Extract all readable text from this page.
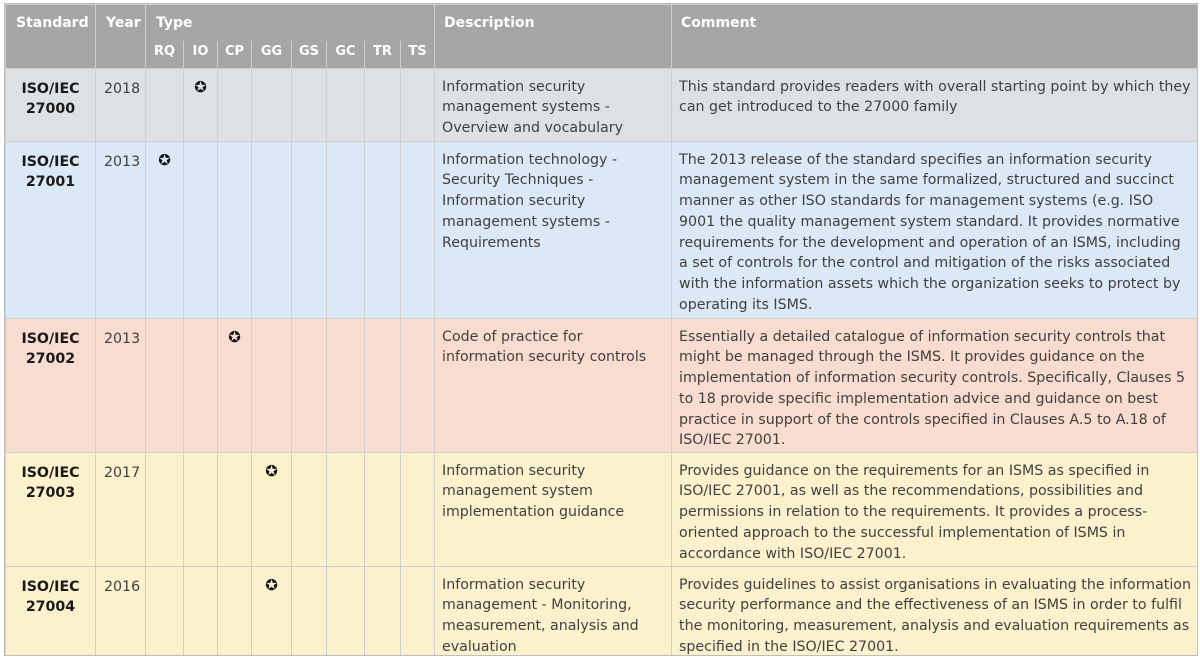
Standard	Year	Type								Description	Comment
		RQ	IO	CP	GG	GS	GC	TR	TS		
ISO/IEC
27000	2018		✪							Information security management systems - Overview and vocabulary	This standard provides readers with overall starting point by which they can get introduced to the 27000 family
ISO/IEC
27001	2013	✪								Information technology - Security Techniques - Information security management systems - Requirements	The 2013 release of the standard specifies an information security management system in the same formalized, structured and succinct manner as other ISO standards for management systems (e.g. ISO 9001 the quality management system standard. It provides normative requirements for the development and operation of an ISMS, including a set of controls for the control and mitigation of the risks associated with the information assets which the organization seeks to protect by operating its ISMS.
ISO/IEC
27002	2013			✪						Code of practice for information security controls	Essentially a detailed catalogue of information security controls that might be managed through the ISMS. It provides guidance on the implementation of information security controls. Specifically, Clauses 5 to 18 provide specific implementation advice and guidance on best practice in support of the controls specified in Clauses A.5 to A.18 of ISO/IEC 27001.
ISO/IEC
27003	2017				✪					Information security management system implementation guidance	Provides guidance on the requirements for an ISMS as specified in ISO/IEC 27001, as well as the recommendations, possibilities and permissions in relation to the requirements. It provides a process-oriented approach to the successful implementation of ISMS in accordance with ISO/IEC 27001.
ISO/IEC
27004	2016				✪					Information security management - Monitoring, measurement, analysis and evaluation	Provides guidelines to assist organisations in evaluating the information security performance and the effectiveness of an ISMS in order to fulfil the monitoring, measurement, analysis and evaluation requirements as specified in the ISO/IEC 27001.
